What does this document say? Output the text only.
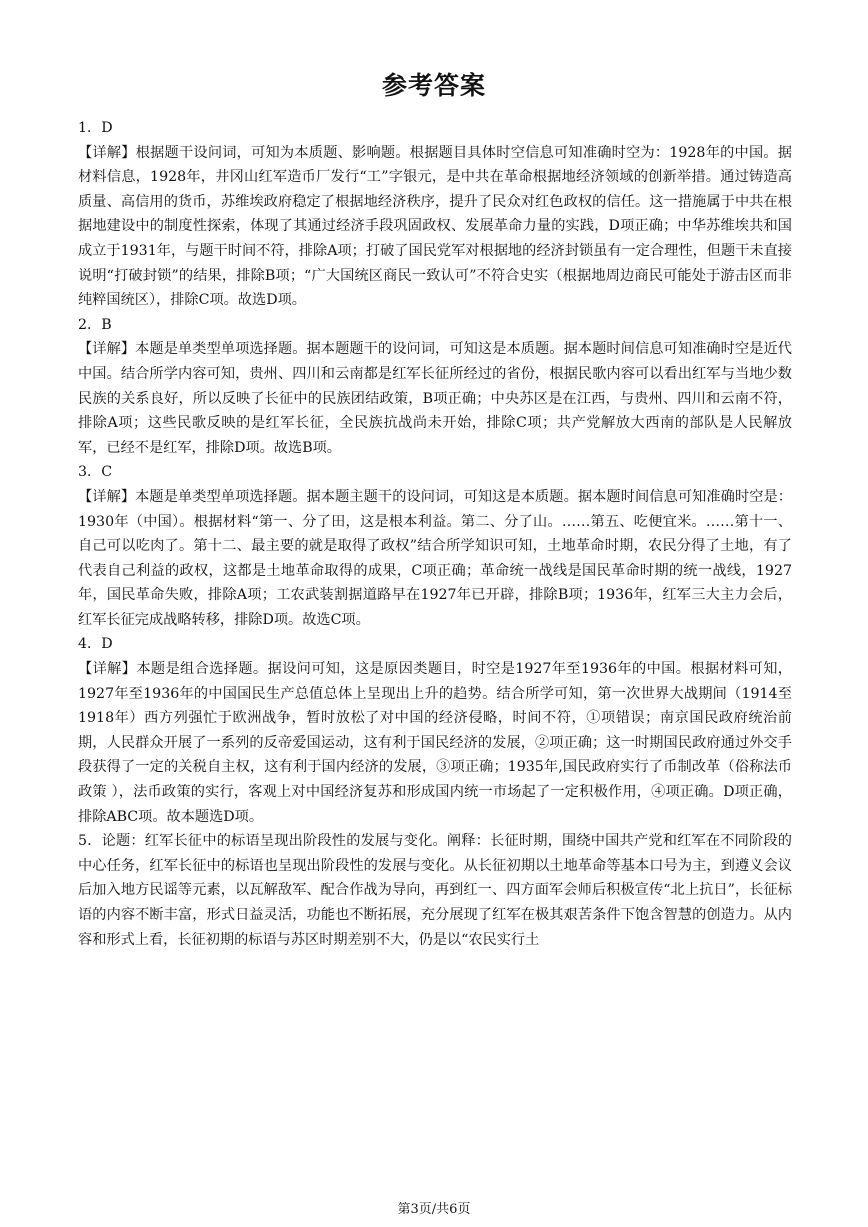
参考答案

1．D

【详解】根据题干设问词，可知为本质题、影响题。根据题目具体时空信息可知准确时空为：1928年的中国。据材料信息，1928年，井冈山红军造币厂发行“工”字银元，是中共在革命根据地经济领域的创新举措。通过铸造高质量、高信用的货币，苏维埃政府稳定了根据地经济秩序，提升了民众对红色政权的信任。这一措施属于中共在根据地建设中的制度性探索，体现了其通过经济手段巩固政权、发展革命力量的实践，D项正确；中华苏维埃共和国成立于1931年，与题干时间不符，排除A项；打破了国民党军对根据地的经济封锁虽有一定合理性，但题干未直接说明“打破封锁”的结果，排除B项；“广大国统区商民一致认可”不符合史实（根据地周边商民可能处于游击区而非纯粹国统区），排除C项。故选D项。

2．B

【详解】本题是单类型单项选择题。据本题题干的设问词，可知这是本质题。据本题时间信息可知准确时空是近代中国。结合所学内容可知，贵州、四川和云南都是红军长征所经过的省份，根据民歌内容可以看出红军与当地少数民族的关系良好，所以反映了长征中的民族团结政策，B项正确；中央苏区是在江西，与贵州、四川和云南不符，排除A项；这些民歌反映的是红军长征，全民族抗战尚未开始，排除C项；共产党解放大西南的部队是人民解放军，已经不是红军，排除D项。故选B项。

3．C

【详解】本题是单类型单项选择题。据本题主题干的设问词，可知这是本质题。据本题时间信息可知准确时空是：1930年（中国）。根据材料“第一、分了田，这是根本利益。第二、分了山。……第五、吃便宜米。……第十一、自己可以吃肉了。第十二、最主要的就是取得了政权”结合所学知识可知，土地革命时期，农民分得了土地，有了代表自己利益的政权，这都是土地革命取得的成果，C项正确；革命统一战线是国民革命时期的统一战线，1927年，国民革命失败，排除A项；工农武装割据道路早在1927年已开辟，排除B项；1936年，红军三大主力会后，红军长征完成战略转移，排除D项。故选C项。

4．D

【详解】本题是组合选择题。据设问可知，这是原因类题目，时空是1927年至1936年的中国。根据材料可知，1927年至1936年的中国国民生产总值总体上呈现出上升的趋势。结合所学可知，第一次世界大战期间（1914至1918年）西方列强忙于欧洲战争，暂时放松了对中国的经济侵略，时间不符，①项错误；南京国民政府统治前期，人民群众开展了一系列的反帝爱国运动，这有利于国民经济的发展，②项正确；这一时期国民政府通过外交手段获得了一定的关税自主权，这有利于国内经济的发展，③项正确；1935年,国民政府实行了币制改革（俗称法币政策 ），法币政策的实行，客观上对中国经济复苏和形成国内统一市场起了一定积极作用，④项正确。D项正确，排除ABC项。故本题选D项。

5．论题：红军长征中的标语呈现出阶段性的发展与变化。阐释：长征时期，围绕中国共产党和红军在不同阶段的中心任务，红军长征中的标语也呈现出阶段性的发展与变化。从长征初期以土地革命等基本口号为主，到遵义会议后加入地方民谣等元素，以瓦解敌军、配合作战为导向，再到红一、四方面军会师后积极宣传“北上抗日”，长征标语的内容不断丰富，形式日益灵活，功能也不断拓展，充分展现了红军在极其艰苦条件下饱含智慧的创造力。从内容和形式上看，长征初期的标语与苏区时期差别不大，仍是以“农民实行土

第3页/共6页
